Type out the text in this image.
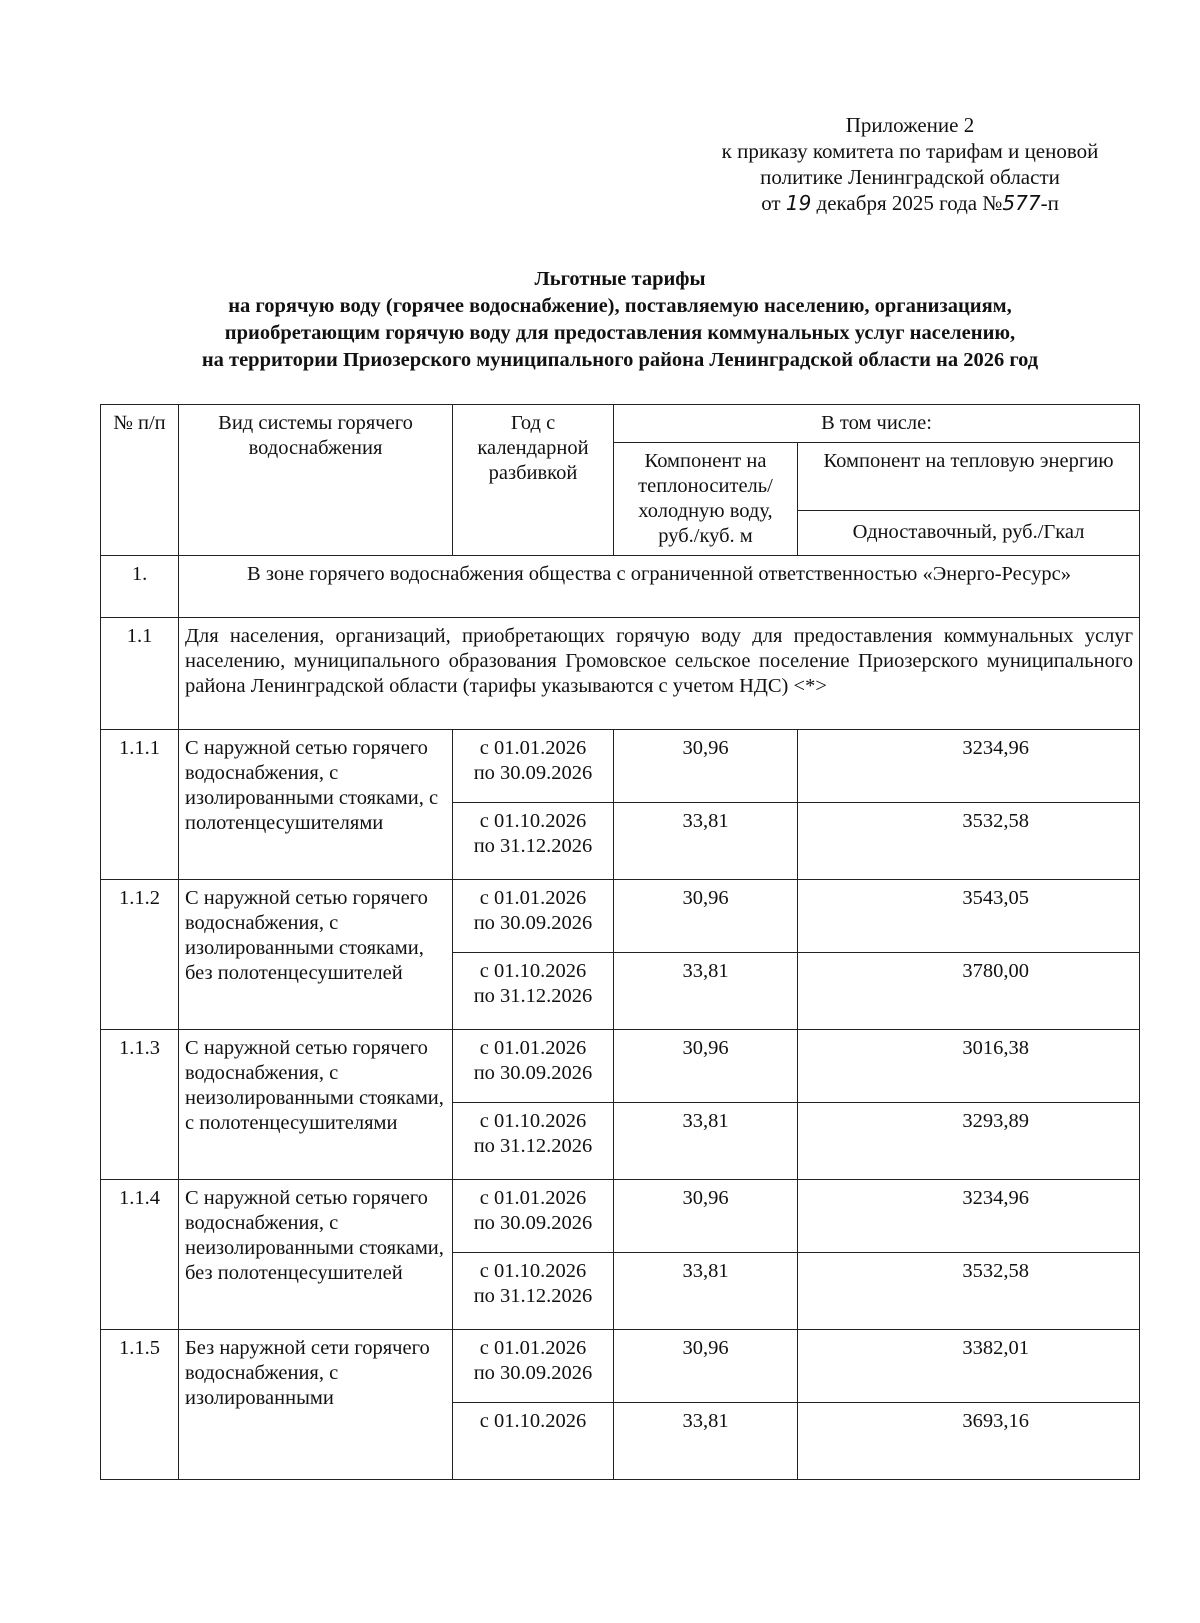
Приложение 2
к приказу комитета по тарифам и ценовой
политике Ленинградской области
от 19 декабря 2025 года №577-п
Льготные тарифы
на горячую воду (горячее водоснабжение), поставляемую населению, организациям,
приобретающим горячую воду для предоставления коммунальных услуг населению,
на территории Приозерского муниципального района Ленинградской области на 2026 год
№ п/п	Вид системы горячего водоснабжения	Год с календарной разбивкой	В том числе:	
			Компонент на теплоноситель/холодную воду, руб./куб. м	Компонент на тепловую энергию
				Одноставочный, руб./Гкал
1.	В зоне горячего водоснабжения общества с ограниченной ответственностью «Энерго-Ресурс»			
1.1	Для населения, организаций, приобретающих горячую воду для предоставления коммунальных услуг населению, муниципального образования Громовское сельское поселение Приозерского муниципального района Ленинградской области (тарифы указываются с учетом НДС) <*>			
1.1.1	С наружной сетью горячего водоснабжения, с изолированными стояками, с полотенцесушителями	с 01.01.2026
по 30.09.2026	30,96	3234,96

		с 01.10.2026
по 31.12.2026	33,81	3532,58
1.1.2	С наружной сетью горячего водоснабжения, с изолированными стояками, без полотенцесушителей	с 01.01.2026
по 30.09.2026	30,96	3543,05

		с 01.10.2026
по 31.12.2026	33,81	3780,00
1.1.3	С наружной сетью горячего водоснабжения, с неизолированными стояками, с полотенцесушителями	с 01.01.2026
по 30.09.2026	30,96	3016,38

		с 01.10.2026
по 31.12.2026	33,81	3293,89
1.1.4	С наружной сетью горячего водоснабжения, с неизолированными стояками, без полотенцесушителей	с 01.01.2026
по 30.09.2026	30,96	3234,96

		с 01.10.2026
по 31.12.2026	33,81	3532,58
1.1.5	Без наружной сети горячего водоснабжения, с изолированными	с 01.01.2026
по 30.09.2026	30,96	3382,01

		с 01.10.2026	33,81	3693,16
